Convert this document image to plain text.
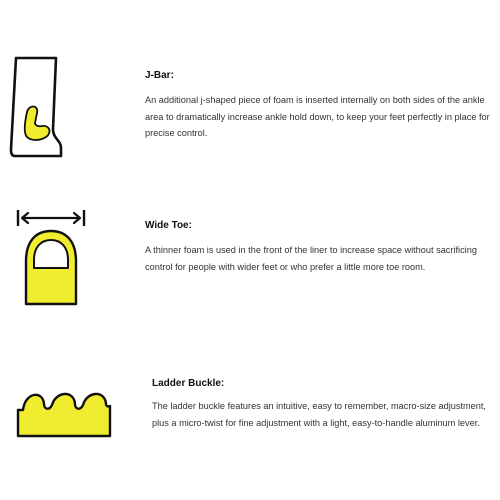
J-Bar:

An additional j-shaped piece of foam is inserted internally on both sides of the ankle area to dramatically increase ankle hold down, to keep your feet perfectly in place for precise control.

Wide Toe:

A thinner foam is used in the front of the liner to increase space without sacrificing control for people with wider feet or who prefer a little more toe room.

Ladder Buckle:

The ladder buckle features an intuitive, easy to remember, macro-size adjustment, plus a micro-twist for fine adjustment with a light, easy-to-handle aluminum lever.
